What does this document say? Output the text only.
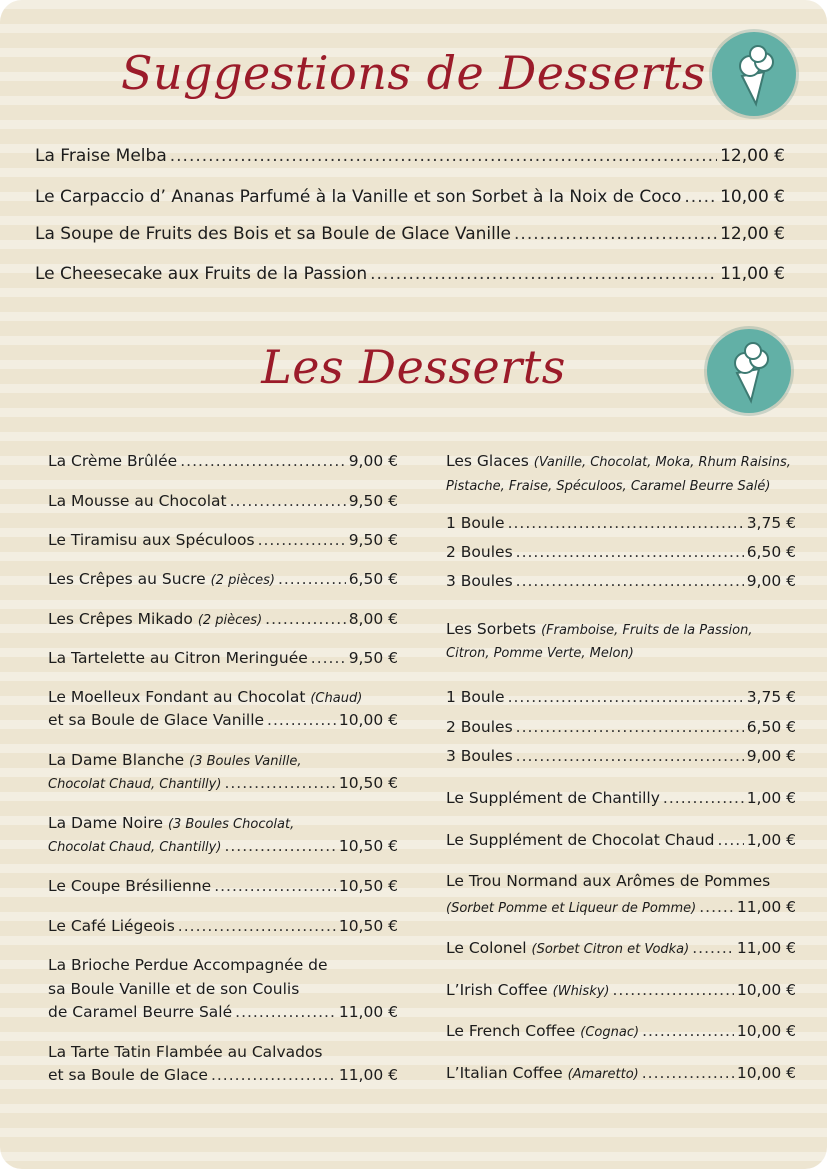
Suggestions de Desserts
La Fraise Melba .....	12,00 €
Le Carpaccio d’ Ananas Parfumé à la Vanille et son Sorbet à la Noix de Coco ..... 10,00 €
La Soupe de Fruits des Bois et sa Boule de Glace Vanille .....	12,00 €
Le Cheesecake aux Fruits de la Passion .....	11,00 €
Les Desserts
La Crème Brûlée .....	9,00 €
La Mousse au Chocolat .....	9,50 €
Le Tiramisu aux Spéculoos .....	9,50 €
Les Crêpes au Sucre (2 pièces) .....	6,50 €
Les Crêpes Mikado (2 pièces) .....	8,00 €
La Tartelette au Citron Meringuée .....	9,50 €
Le Moelleux Fondant au Chocolat (Chaud)
et sa Boule de Glace Vanille .....	10,00 €
La Dame Blanche (3 Boules Vanille,
Chocolat Chaud, Chantilly) .....	10,50 €
La Dame Noire (3 Boules Chocolat,
Chocolat Chaud, Chantilly) .....	10,50 €
Le Coupe Brésilienne .....	10,50 €
Le Café Liégeois .....	10,50 €
La Brioche Perdue Accompagnée de
sa Boule Vanille et de son Coulis
de Caramel Beurre Salé .....	11,00 €
La Tarte Tatin Flambée au Calvados
et sa Boule de Glace .....	11,00 €
Les Glaces (Vanille, Chocolat, Moka, Rhum Raisins,
Pistache, Fraise, Spéculoos, Caramel Beurre Salé)
1 Boule .....	3,75 €
2 Boules .....	6,50 €
3 Boules .....	9,00 €
Les Sorbets (Framboise, Fruits de la Passion,
Citron, Pomme Verte, Melon)
1 Boule .....	3,75 €
2 Boules .....	6,50 €
3 Boules .....	9,00 €
Le Supplément de Chantilly .....	1,00 €
Le Supplément de Chocolat Chaud ..... 1,00 €
Le Trou Normand aux Arômes de Pommes
(Sorbet Pomme et Liqueur de Pomme) .....	11,00 €
Le Colonel (Sorbet Citron et Vodka) .....	11,00 €
L’Irish Coffee (Whisky) .....	10,00 €
Le French Coffee (Cognac) .....	10,00 €
L’Italian Coffee (Amaretto) .....	10,00 €
